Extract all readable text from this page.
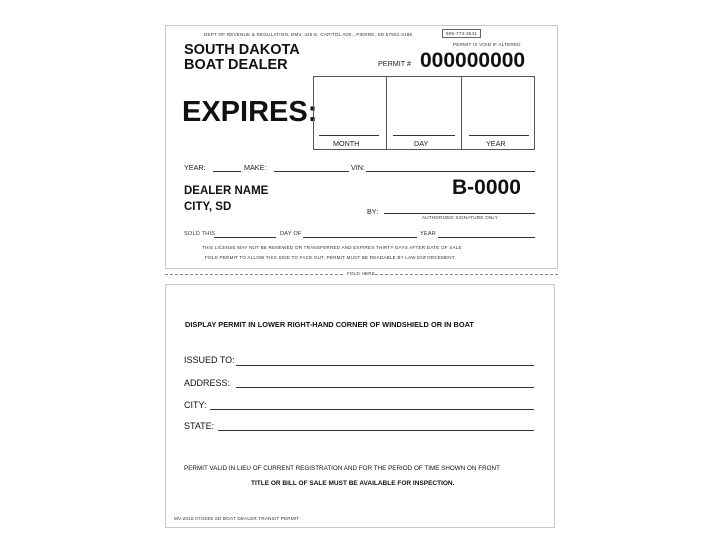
DEPT OF REVENUE & REGULATION, DMV, 445 E. CAPITOL AVE., PIERRE, SD 57501-3185	605-773-3541
PERMIT IS VOID IF ALTERED
SOUTH DAKOTA
BOAT DEALER	PERMIT # 000000000
EXPIRES:
MONTH	DAY	YEAR
YEAR:	MAKE:	VIN:
DEALER NAME
CITY, SD
B-0000
BY:
AUTHORIZED SIGNATURE ONLY
SOLD THIS	DAY OF	YEAR
THIS LICENSE MAY NOT BE RENEWED OR TRANSFERRED AND EXPIRES THIRTY DAYS AFTER DATE OF SALE
FOLD PERMIT TO ALLOW THIS SIDE TO FACE OUT. PERMIT MUST BE READABLE BY LAW ENFORCEMENT.
FOLD HERE
DISPLAY PERMIT IN LOWER RIGHT-HAND CORNER OF WINDSHIELD OR IN BOAT
ISSUED TO:
ADDRESS:
CITY:
STATE:
PERMIT VALID IN LIEU OF CURRENT REGISTRATION AND FOR THE PERIOD OF TIME SHOWN ON FRONT
TITLE OR BILL OF SALE MUST BE AVAILABLE FOR INSPECTION.
MV-2016 07/2005 SD BOAT DEALER TRANSIT PERMIT
